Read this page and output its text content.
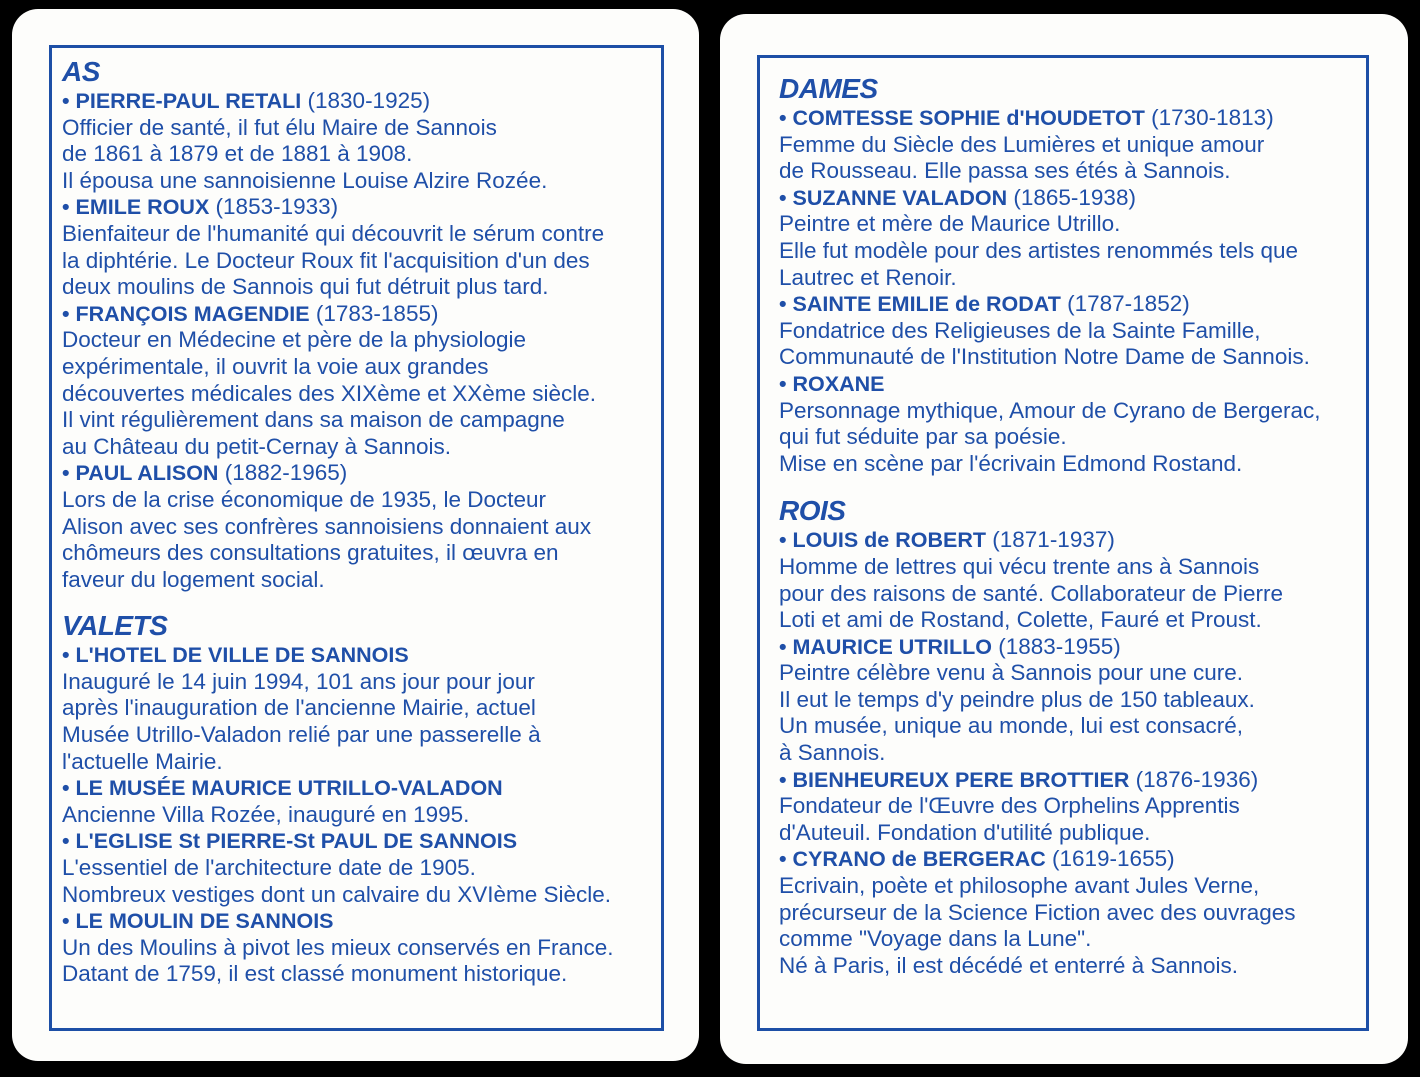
AS
• PIERRE-PAUL RETALI (1830-1925)
Officier de santé, il fut élu Maire de Sannois
de 1861 à 1879 et de 1881 à 1908.
Il épousa une sannoisienne Louise Alzire Rozée.
• EMILE ROUX (1853-1933)
Bienfaiteur de l'humanité qui découvrit le sérum contre
la diphtérie. Le Docteur Roux fit l'acquisition d'un des
deux moulins de Sannois qui fut détruit plus tard.
• FRANÇOIS MAGENDIE (1783-1855)
Docteur en Médecine et père de la physiologie
expérimentale, il ouvrit la voie aux grandes
découvertes médicales des XIXème et XXème siècle.
Il vint régulièrement dans sa maison de campagne
au Château du petit-Cernay à Sannois.
• PAUL ALISON (1882-1965)
Lors de la crise économique de 1935, le Docteur
Alison avec ses confrères sannoisiens donnaient aux
chômeurs des consultations gratuites, il œuvra en
faveur du logement social.
VALETS
• L'HOTEL DE VILLE DE SANNOIS
Inauguré le 14 juin 1994, 101 ans jour pour jour
après l'inauguration de l'ancienne Mairie, actuel
Musée Utrillo-Valadon relié par une passerelle à
l'actuelle Mairie.
• LE MUSÉE MAURICE UTRILLO-VALADON
Ancienne Villa Rozée, inauguré en 1995.
• L'EGLISE St PIERRE-St PAUL DE SANNOIS
L'essentiel de l'architecture date de 1905.
Nombreux vestiges dont un calvaire du XVIème Siècle.
• LE MOULIN DE SANNOIS
Un des Moulins à pivot les mieux conservés en France.
Datant de 1759, il est classé monument historique.
DAMES
• COMTESSE SOPHIE d'HOUDETOT (1730-1813)
Femme du Siècle des Lumières et unique amour
de Rousseau. Elle passa ses étés à Sannois.
• SUZANNE VALADON (1865-1938)
Peintre et mère de Maurice Utrillo.
Elle fut modèle pour des artistes renommés tels que
Lautrec et Renoir.
• SAINTE EMILIE de RODAT (1787-1852)
Fondatrice des Religieuses de la Sainte Famille,
Communauté de l'Institution Notre Dame de Sannois.
• ROXANE
Personnage mythique, Amour de Cyrano de Bergerac,
qui fut séduite par sa poésie.
Mise en scène par l'écrivain Edmond Rostand.
ROIS
• LOUIS de ROBERT (1871-1937)
Homme de lettres qui vécu trente ans à Sannois
pour des raisons de santé. Collaborateur de Pierre
Loti et ami de Rostand, Colette, Fauré et Proust.
• MAURICE UTRILLO (1883-1955)
Peintre célèbre venu à Sannois pour une cure.
Il eut le temps d'y peindre plus de 150 tableaux.
Un musée, unique au monde, lui est consacré,
à Sannois.
• BIENHEUREUX PERE BROTTIER (1876-1936)
Fondateur de l'Œuvre des Orphelins Apprentis
d'Auteuil. Fondation d'utilité publique.
• CYRANO de BERGERAC (1619-1655)
Ecrivain, poète et philosophe avant Jules Verne,
précurseur de la Science Fiction avec des ouvrages
comme "Voyage dans la Lune".
Né à Paris, il est décédé et enterré à Sannois.
